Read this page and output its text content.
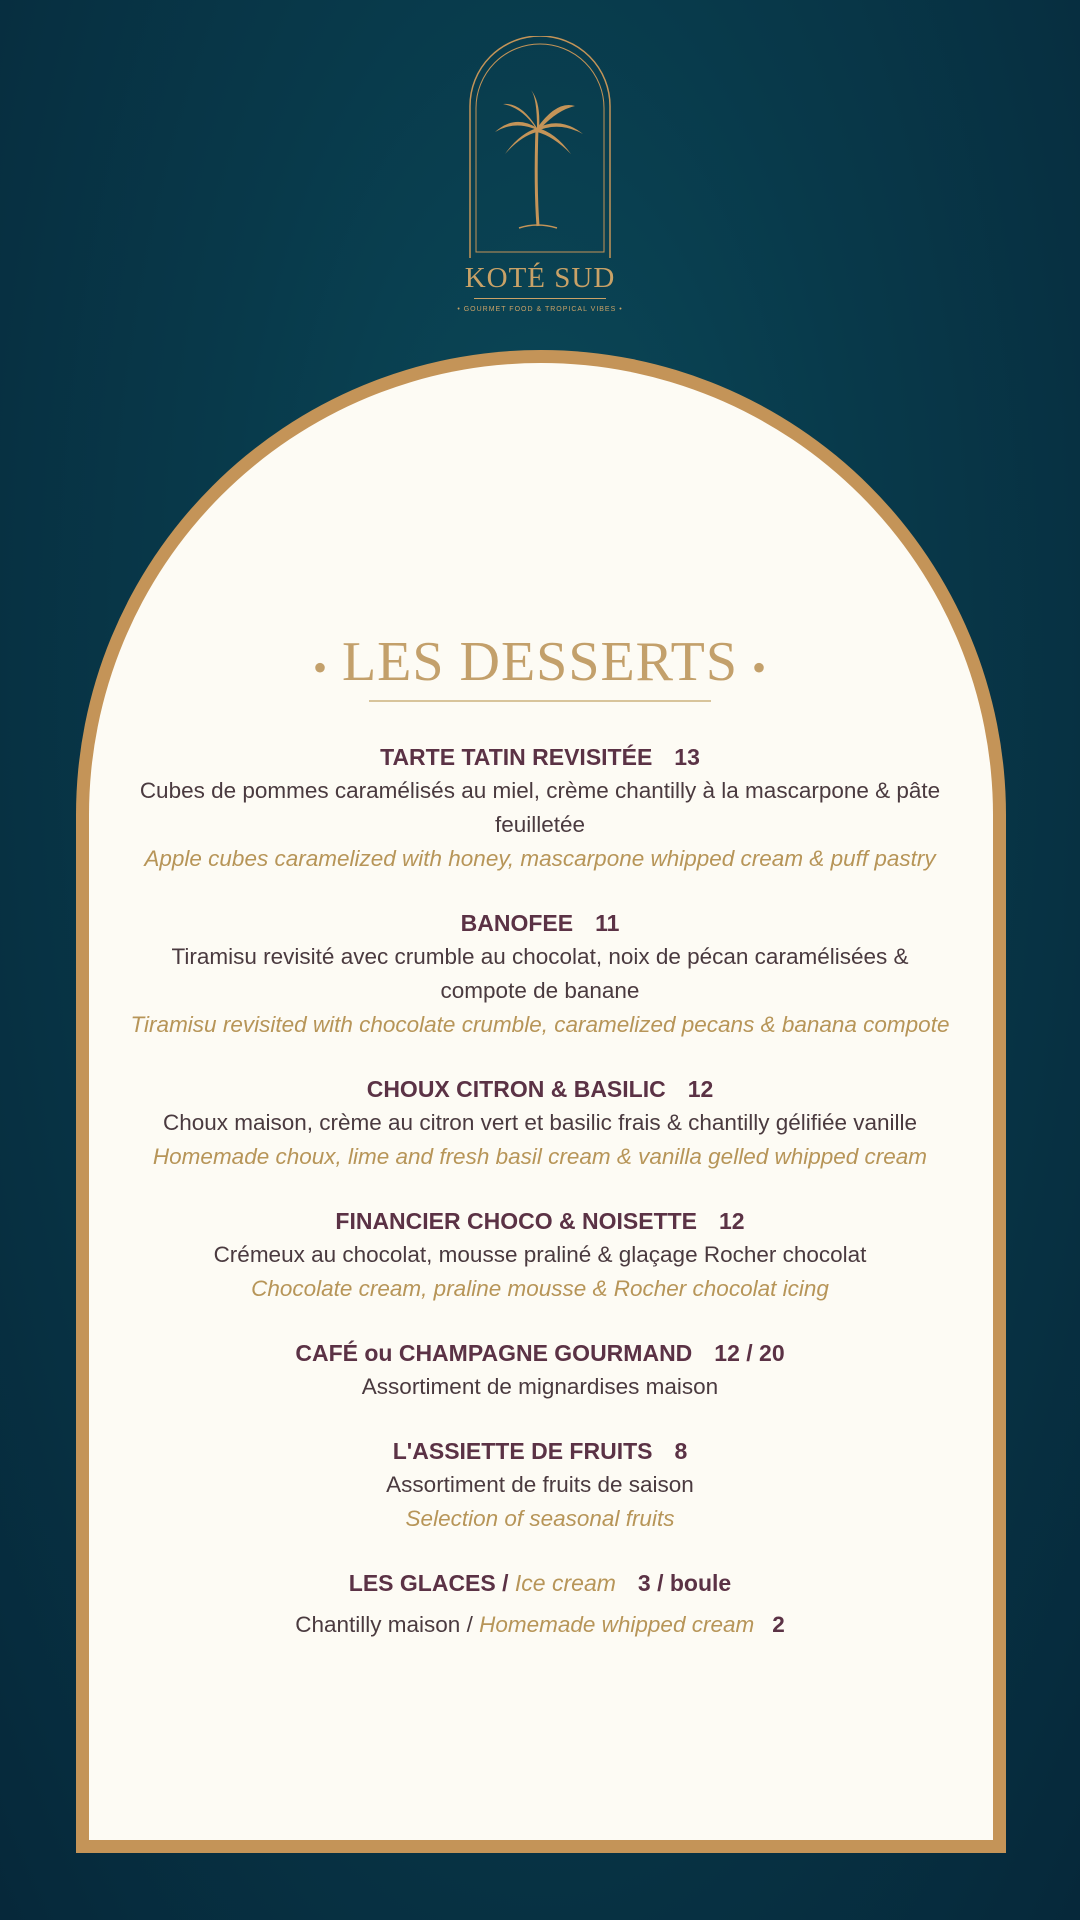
KOTÉ SUD
• GOURMET FOOD & TROPICAL VIBES •
• LES DESSERTS •
TARTE TATIN REVISITÉE 13
Cubes de pommes caramélisés au miel, crème chantilly à la mascarpone & pâte feuilletée
Apple cubes caramelized with honey, mascarpone whipped cream & puff pastry
BANOFEE 11
Tiramisu revisité avec crumble au chocolat, noix de pécan caramélisées & compote de banane
Tiramisu revisited with chocolate crumble, caramelized pecans & banana compote
CHOUX CITRON & BASILIC 12
Choux maison, crème au citron vert et basilic frais & chantilly gélifiée vanille
Homemade choux, lime and fresh basil cream & vanilla gelled whipped cream
FINANCIER CHOCO & NOISETTE 12
Crémeux au chocolat, mousse praliné & glaçage Rocher chocolat
Chocolate cream, praline mousse & Rocher chocolat icing
CAFÉ ou CHAMPAGNE GOURMAND 12 / 20
Assortiment de mignardises maison
L'ASSIETTE DE FRUITS 8
Assortiment de fruits de saison
Selection of seasonal fruits
LES GLACES / Ice cream 3 / boule
Chantilly maison / Homemade whipped cream 2
